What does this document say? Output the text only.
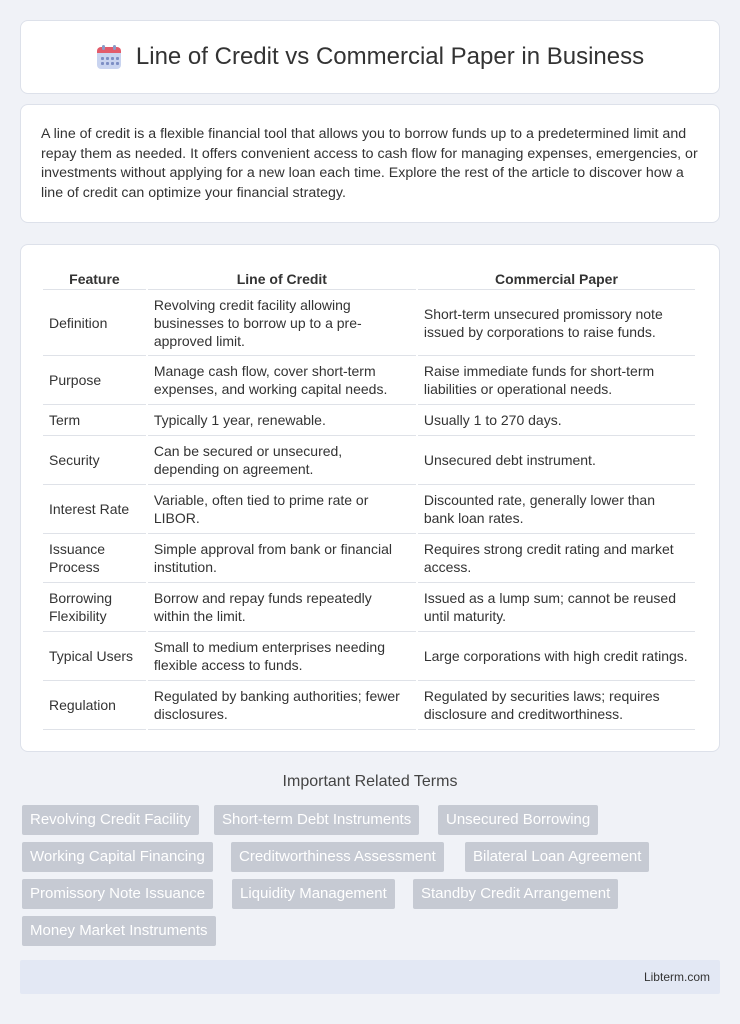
Line of Credit vs Commercial Paper in Business

A line of credit is a flexible financial tool that allows you to borrow funds up to a predetermined limit and repay them as needed. It offers convenient access to cash flow for managing expenses, emergencies, or investments without applying for a new loan each time. Explore the rest of the article to discover how a line of credit can optimize your financial strategy.

Feature	Line of Credit	Commercial Paper
Definition	Revolving credit facility allowing businesses to borrow up to a pre-approved limit.	Short-term unsecured promissory note issued by corporations to raise funds.
Purpose	Manage cash flow, cover short-term expenses, and working capital needs.	Raise immediate funds for short-term liabilities or operational needs.
Term	Typically 1 year, renewable.	Usually 1 to 270 days.
Security	Can be secured or unsecured, depending on agreement.	Unsecured debt instrument.
Interest Rate	Variable, often tied to prime rate or LIBOR.	Discounted rate, generally lower than bank loan rates.
Issuance Process	Simple approval from bank or financial institution.	Requires strong credit rating and market access.
Borrowing Flexibility	Borrow and repay funds repeatedly within the limit.	Issued as a lump sum; cannot be reused until maturity.
Typical Users	Small to medium enterprises needing flexible access to funds.	Large corporations with high credit ratings.
Regulation	Regulated by banking authorities; fewer disclosures.	Regulated by securities laws; requires disclosure and creditworthiness.
Important Related Terms
Revolving Credit Facility	Short-term Debt Instruments	Unsecured Borrowing
Working Capital Financing	Creditworthiness Assessment	Bilateral Loan Agreement
Promissory Note Issuance	Liquidity Management	Standby Credit Arrangement
Money Market Instruments
Libterm.com
